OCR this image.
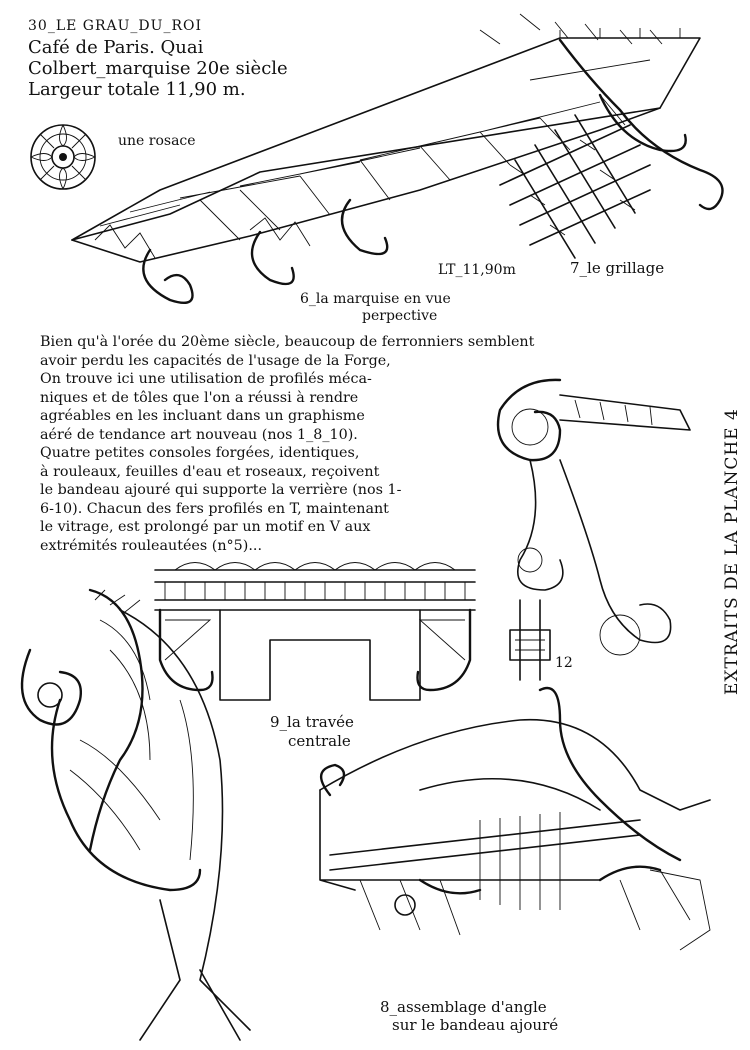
30_LE GRAU_DU_ROI
Café de Paris. Quai
Colbert_marquise 20e siècle
Largeur totale 11,90 m.
une rosace
LT_11,90m	7_le grillage
6_la marquise en vue
perpective
Bien qu'à l'orée du 20ème siècle, beaucoup de ferronniers semblent
avoir perdu les capacités de l'usage de la Forge,
On trouve ici une utilisation de profilés méca-
niques et de tôles que l'on a réussi à rendre
agréables en les incluant dans un graphisme
aéré de tendance art nouveau (nos 1_8_10).
Quatre petites consoles forgées, identiques,
à rouleaux, feuilles d'eau et roseaux, reçoivent
le bandeau ajouré qui supporte la verrière (nos 1-
6-10). Chacun des fers profilés en T, maintenant
le vitrage, est prolongé par un motif en V aux
extrémités rouleautées (n°5)...
12
9_la travée
centrale
8_assemblage d'angle
sur le bandeau ajouré
EXTRAITS DE LA PLANCHE 4
